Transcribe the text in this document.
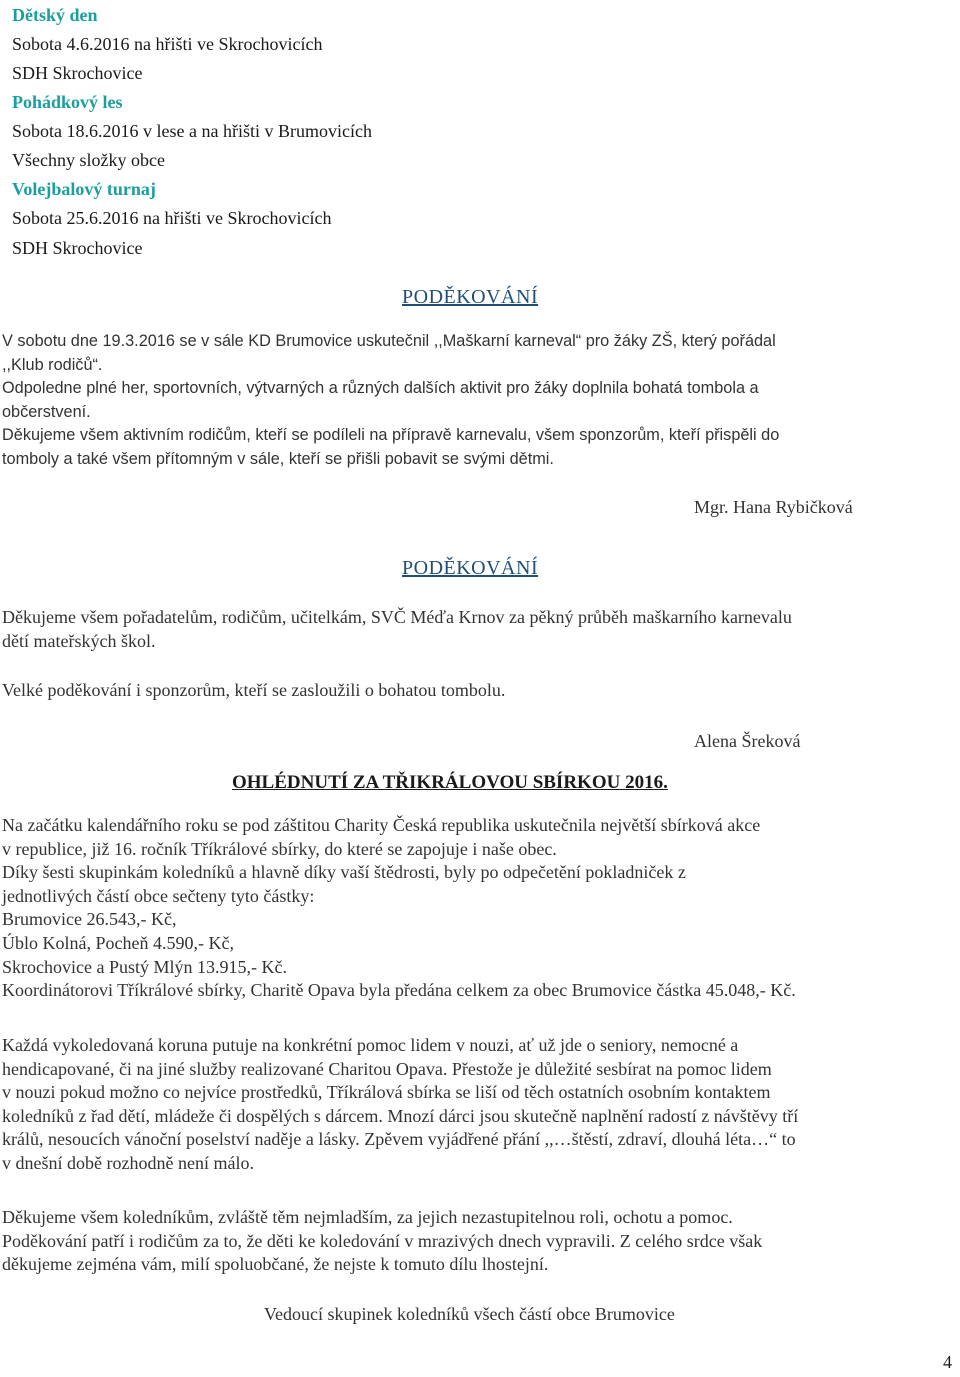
Dětský den
Sobota 4.6.2016 na hřišti ve Skrochovicích
SDH Skrochovice
Pohádkový les
Sobota 18.6.2016 v lese a na hřišti v Brumovicích
Všechny složky obce
Volejbalový turnaj
Sobota 25.6.2016 na hřišti ve Skrochovicích
SDH Skrochovice
PODĚKOVÁNÍ
V sobotu dne 19.3.2016 se v sále KD Brumovice uskutečnil ,,Maškarní karneval“ pro žáky ZŠ, který pořádal
,,Klub rodičů“.
Odpoledne plné her, sportovních, výtvarných a různých dalších aktivit pro žáky doplnila bohatá tombola a
občerstvení.
Děkujeme všem aktivním rodičům, kteří se podíleli na přípravě karnevalu, všem sponzorům, kteří přispěli do
tomboly a také všem přítomným v sále, kteří se přišli pobavit se svými dětmi.
Mgr. Hana Rybičková
PODĚKOVÁNÍ
Děkujeme všem pořadatelům, rodičům, učitelkám, SVČ Méďa Krnov za pěkný průběh maškarního karnevalu
dětí mateřských škol.
Velké poděkování i sponzorům, kteří se zasloužili o bohatou tombolu.
Alena Šreková
OHLÉDNUTÍ ZA TŘIKRÁLOVOU SBÍRKOU 2016.
Na začátku kalendářního roku se pod záštitou Charity Česká republika uskutečnila největší sbírková akce
v republice, již 16. ročník Tříkrálové sbírky, do které se zapojuje i naše obec.
Díky šesti skupinkám koledníků a hlavně díky vaší štědrosti, byly po odpečetění pokladniček z
jednotlivých částí obce sečteny tyto částky:
Brumovice 26.543,- Kč,
Úblo Kolná, Pocheň 4.590,- Kč,
Skrochovice a Pustý Mlýn 13.915,- Kč.
Koordinátorovi Tříkrálové sbírky, Charitě Opava byla předána celkem za obec Brumovice částka 45.048,- Kč.
Každá vykoledovaná koruna putuje na konkrétní pomoc lidem v nouzi, ať už jde o seniory, nemocné a
hendicapované, či na jiné služby realizované Charitou Opava. Přestože je důležité sesbírat na pomoc lidem
v nouzi pokud možno co nejvíce prostředků, Tříkrálová sbírka se liší od těch ostatních osobním kontaktem
koledníků z řad dětí, mládeže či dospělých s dárcem. Mnozí dárci jsou skutečně naplnění radostí z návštěvy tří
králů, nesoucích vánoční poselství naděje a lásky. Zpěvem vyjádřené přání ,,…štěstí, zdraví, dlouhá léta…“ to
v dnešní době rozhodně není málo.
Děkujeme všem koledníkům, zvláště těm nejmladším, za jejich nezastupitelnou roli, ochotu a pomoc.
Poděkování patří i rodičům za to, že děti ke koledování v mrazivých dnech vypravili. Z celého srdce však
děkujeme zejména vám, milí spoluobčané, že nejste k tomuto dílu lhostejní.
Vedoucí skupinek koledníků všech částí obce Brumovice
4
